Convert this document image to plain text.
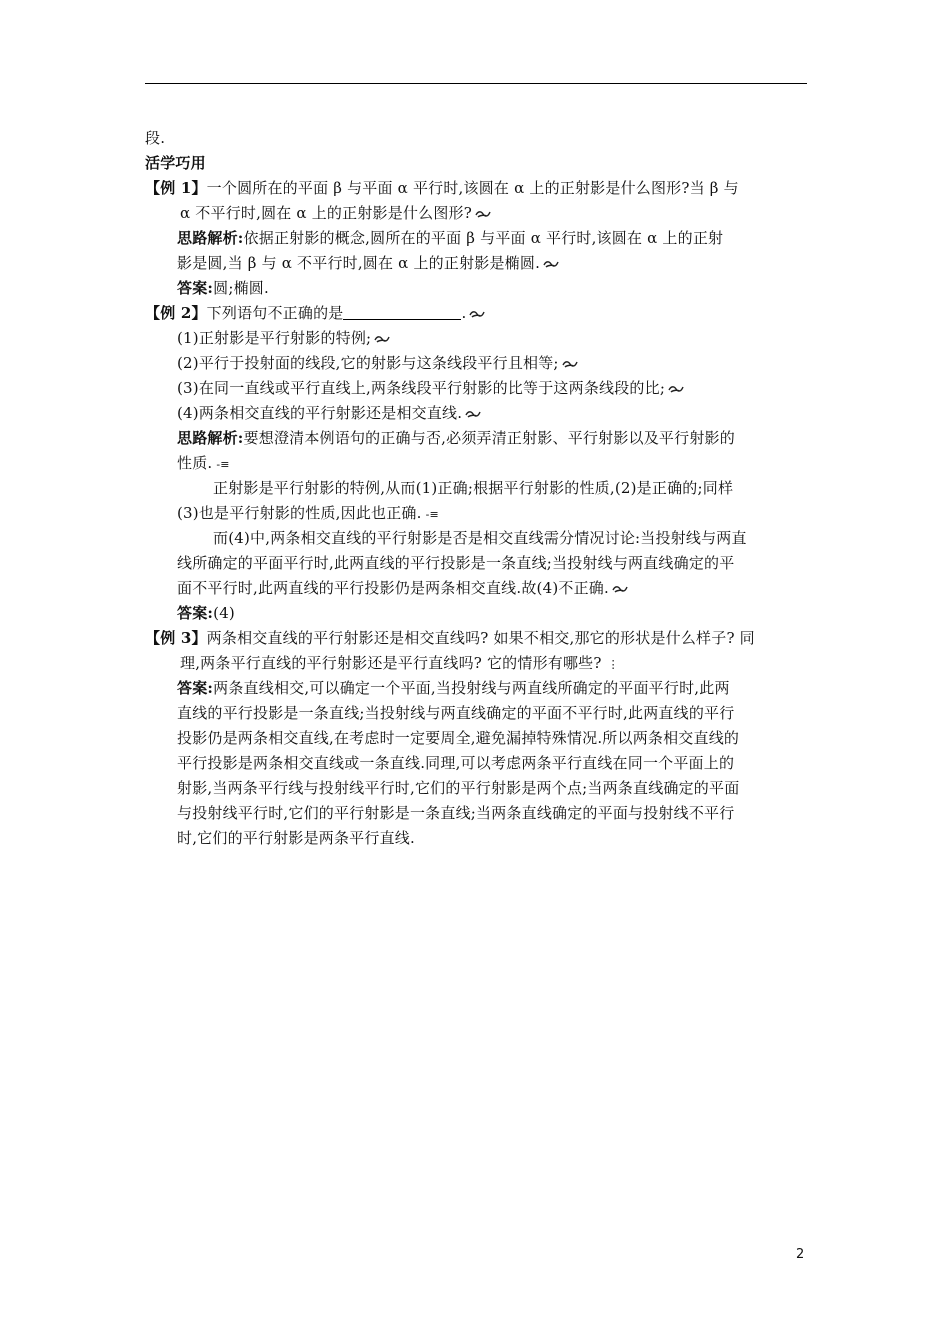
段.
活学巧用
【例 1】一个圆所在的平面 β 与平面 α 平行时,该圆在 α 上的正射影是什么图形?当 β 与
α 不平行时,圆在 α 上的正射影是什么图形?
思路解析:依据正射影的概念,圆所在的平面 β 与平面 α 平行时,该圆在 α 上的正射
影是圆,当 β 与 α 不平行时,圆在 α 上的正射影是椭圆.
答案:圆;椭圆.
【例 2】下列语句不正确的是	.
(1)正射影是平行射影的特例;
(2)平行于投射面的线段,它的射影与这条线段平行且相等;
(3)在同一直线或平行直线上,两条线段平行射影的比等于这两条线段的比;
(4)两条相交直线的平行射影还是相交直线.
思路解析:要想澄清本例语句的正确与否,必须弄清正射影、平行射影以及平行射影的
性质. -≡
正射影是平行射影的特例,从而(1)正确;根据平行射影的性质,(2)是正确的;同样
(3)也是平行射影的性质,因此也正确. -≡
而(4)中,两条相交直线的平行射影是否是相交直线需分情况讨论:当投射线与两直
线所确定的平面平行时,此两直线的平行投影是一条直线;当投射线与两直线确定的平
面不平行时,此两直线的平行投影仍是两条相交直线.故(4)不正确.
答案:(4)
【例 3】两条相交直线的平行射影还是相交直线吗? 如果不相交,那它的形状是什么样子? 同
理,两条平行直线的平行射影还是平行直线吗? 它的情形有哪些? ⋮
答案:两条直线相交,可以确定一个平面,当投射线与两直线所确定的平面平行时,此两
直线的平行投影是一条直线;当投射线与两直线确定的平面不平行时,此两直线的平行
投影仍是两条相交直线,在考虑时一定要周全,避免漏掉特殊情况.所以两条相交直线的
平行投影是两条相交直线或一条直线.同理,可以考虑两条平行直线在同一个平面上的
射影,当两条平行线与投射线平行时,它们的平行射影是两个点;当两条直线确定的平面
与投射线平行时,它们的平行射影是一条直线;当两条直线确定的平面与投射线不平行
时,它们的平行射影是两条平行直线.
2
